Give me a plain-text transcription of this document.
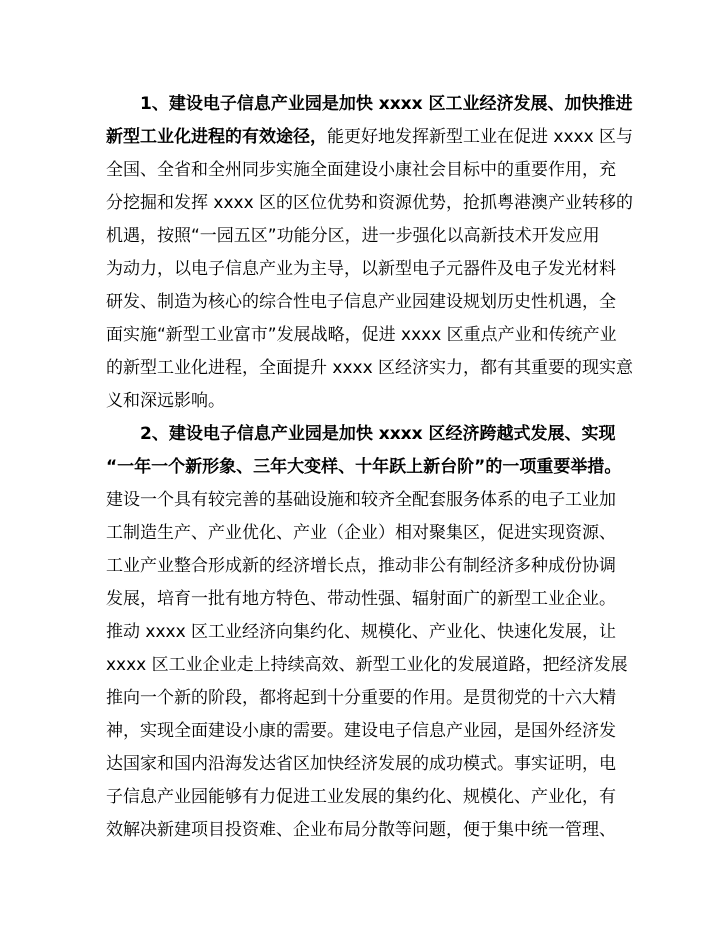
1、建设电子信息产业园是加快 xxxx 区工业经济发展、加快推进
新型工业化进程的有效途径，能更好地发挥新型工业在促进 xxxx 区与
全国、全省和全州同步实施全面建设小康社会目标中的重要作用，充
分挖掘和发挥 xxxx 区的区位优势和资源优势，抢抓粤港澳产业转移的
机遇，按照“一园五区”功能分区，进一步强化以高新技术开发应用
为动力，以电子信息产业为主导，以新型电子元器件及电子发光材料
研发、制造为核心的综合性电子信息产业园建设规划历史性机遇，全
面实施“新型工业富市”发展战略，促进 xxxx 区重点产业和传统产业
的新型工业化进程，全面提升 xxxx 区经济实力，都有其重要的现实意
义和深远影响。
2、建设电子信息产业园是加快 xxxx 区经济跨越式发展、实现
“一年一个新形象、三年大变样、十年跃上新台阶”的一项重要举措。
建设一个具有较完善的基础设施和较齐全配套服务体系的电子工业加
工制造生产、产业优化、产业（企业）相对聚集区，促进实现资源、
工业产业整合形成新的经济增长点，推动非公有制经济多种成份协调
发展，培育一批有地方特色、带动性强、辐射面广的新型工业企业。
推动 xxxx 区工业经济向集约化、规模化、产业化、快速化发展，让
xxxx 区工业企业走上持续高效、新型工业化的发展道路，把经济发展
推向一个新的阶段，都将起到十分重要的作用。是贯彻党的十六大精
神，实现全面建设小康的需要。建设电子信息产业园，是国外经济发
达国家和国内沿海发达省区加快经济发展的成功模式。事实证明，电
子信息产业园能够有力促进工业发展的集约化、规模化、产业化，有
效解决新建项目投资难、企业布局分散等问题，便于集中统一管理、
